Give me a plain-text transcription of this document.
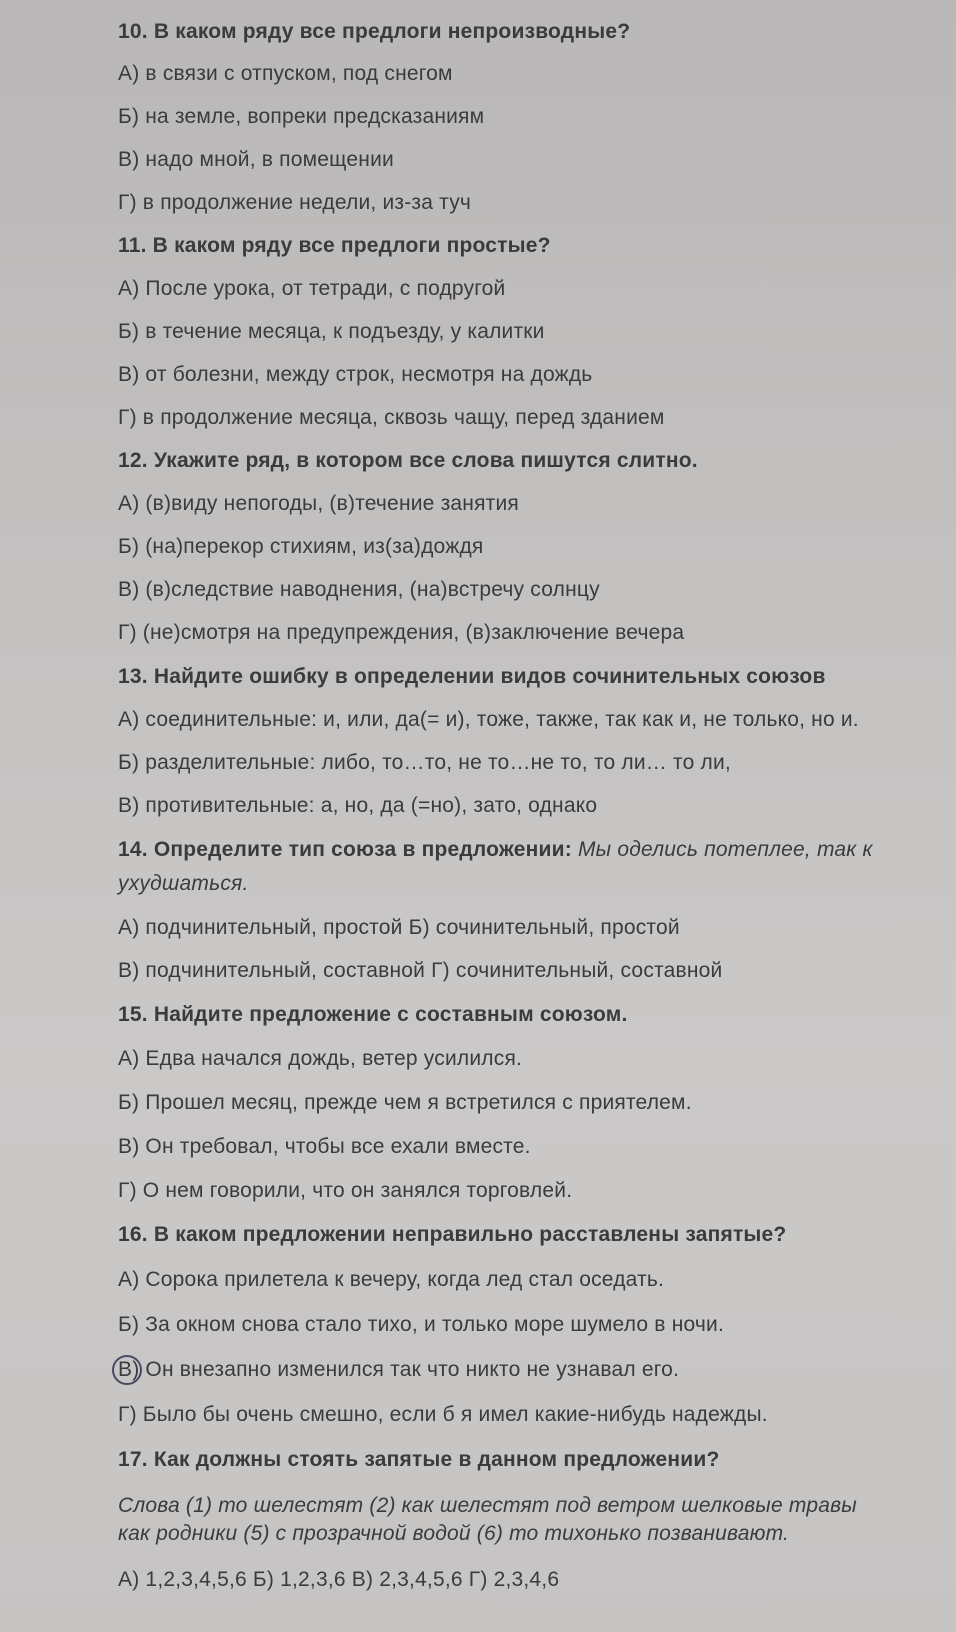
10. В каком ряду все предлоги непроизводные?
А) в связи с отпуском, под снегом
Б) на земле, вопреки предсказаниям
В) надо мной, в помещении
Г) в продолжение недели, из-за туч
11. В каком ряду все предлоги простые?
А) После урока, от тетради, с подругой
Б) в течение месяца, к подъезду, у калитки
В) от болезни, между строк, несмотря на дождь
Г) в продолжение месяца, сквозь чащу, перед зданием
12. Укажите ряд, в котором все слова пишутся слитно.
А) (в)виду непогоды, (в)течение занятия
Б) (на)перекор стихиям, из(за)дождя
В) (в)следствие наводнения, (на)встречу солнцу
Г) (не)смотря на предупреждения, (в)заключение вечера
13. Найдите ошибку в определении видов сочинительных союзов
А) соединительные: и, или, да(= и), тоже, также, так как и, не только, но и.
Б) разделительные: либо, то…то, не то…не то, то ли… то ли,
В) противительные: а, но, да (=но), зато, однако
14. Определите тип союза в предложении: Мы оделись потеплее, так к
ухудшаться.
А) подчинительный, простой Б) сочинительный, простой
В) подчинительный, составной Г) сочинительный, составной
15. Найдите предложение с составным союзом.
А) Едва начался дождь, ветер усилился.
Б) Прошел месяц, прежде чем я встретился с приятелем.
В) Он требовал, чтобы все ехали вместе.
Г) О нем говорили, что он занялся торговлей.
16. В каком предложении неправильно расставлены запятые?
А) Сорока прилетела к вечеру, когда лед стал оседать.
Б) За окном снова стало тихо, и только море шумело в ночи.
В) Он внезапно изменился так что никто не узнавал его.
Г) Было бы очень смешно, если б я имел какие-нибудь надежды.
17. Как должны стоять запятые в данном предложении?
Слова (1) то шелестят (2) как шелестят под ветром шелковые травы
как родники (5) с прозрачной водой (6) то тихонько позванивают.
А) 1,2,3,4,5,6 Б) 1,2,3,6 В) 2,3,4,5,6 Г) 2,3,4,6
